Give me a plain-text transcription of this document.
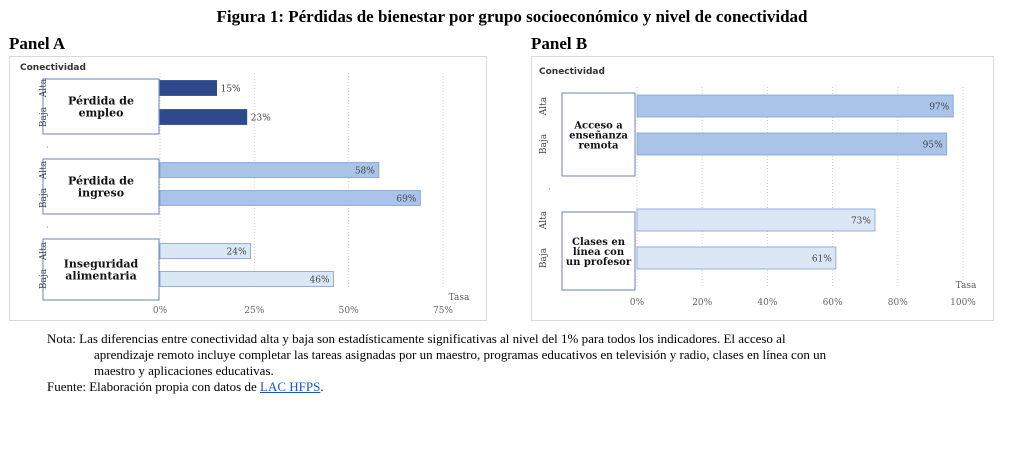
Figura 1: Pérdidas de bienestar por grupo socioeconómico y nivel de conectividad
Panel A	Panel B
Conectividad
0%	25%	50%	75%
Tasa
·
·
Pérdida de empleo
15%
Alta
23%
Baja
Pérdida de ingreso
58%
Alta
69%
Baja
Inseguridad alimentaria
24%
Alta
46%
Baja
Conectividad
0%	20%	40%	60%	80%	100%
Tasa
·
Acceso a enseñanza remota
97%
Alta
95%
Baja
Clases en línea con un profesor
73%
Alta
61%
Baja

Nota: Las diferencias entre conectividad alta y baja son estadísticamente significativas al nivel del 1% para todos los indicadores. El acceso al

aprendizaje remoto incluye completar las tareas asignadas por un maestro, programas educativos en televisión y radio, clases en línea con un

maestro y aplicaciones educativas.

Fuente: Elaboración propia con datos de LAC HFPS.
